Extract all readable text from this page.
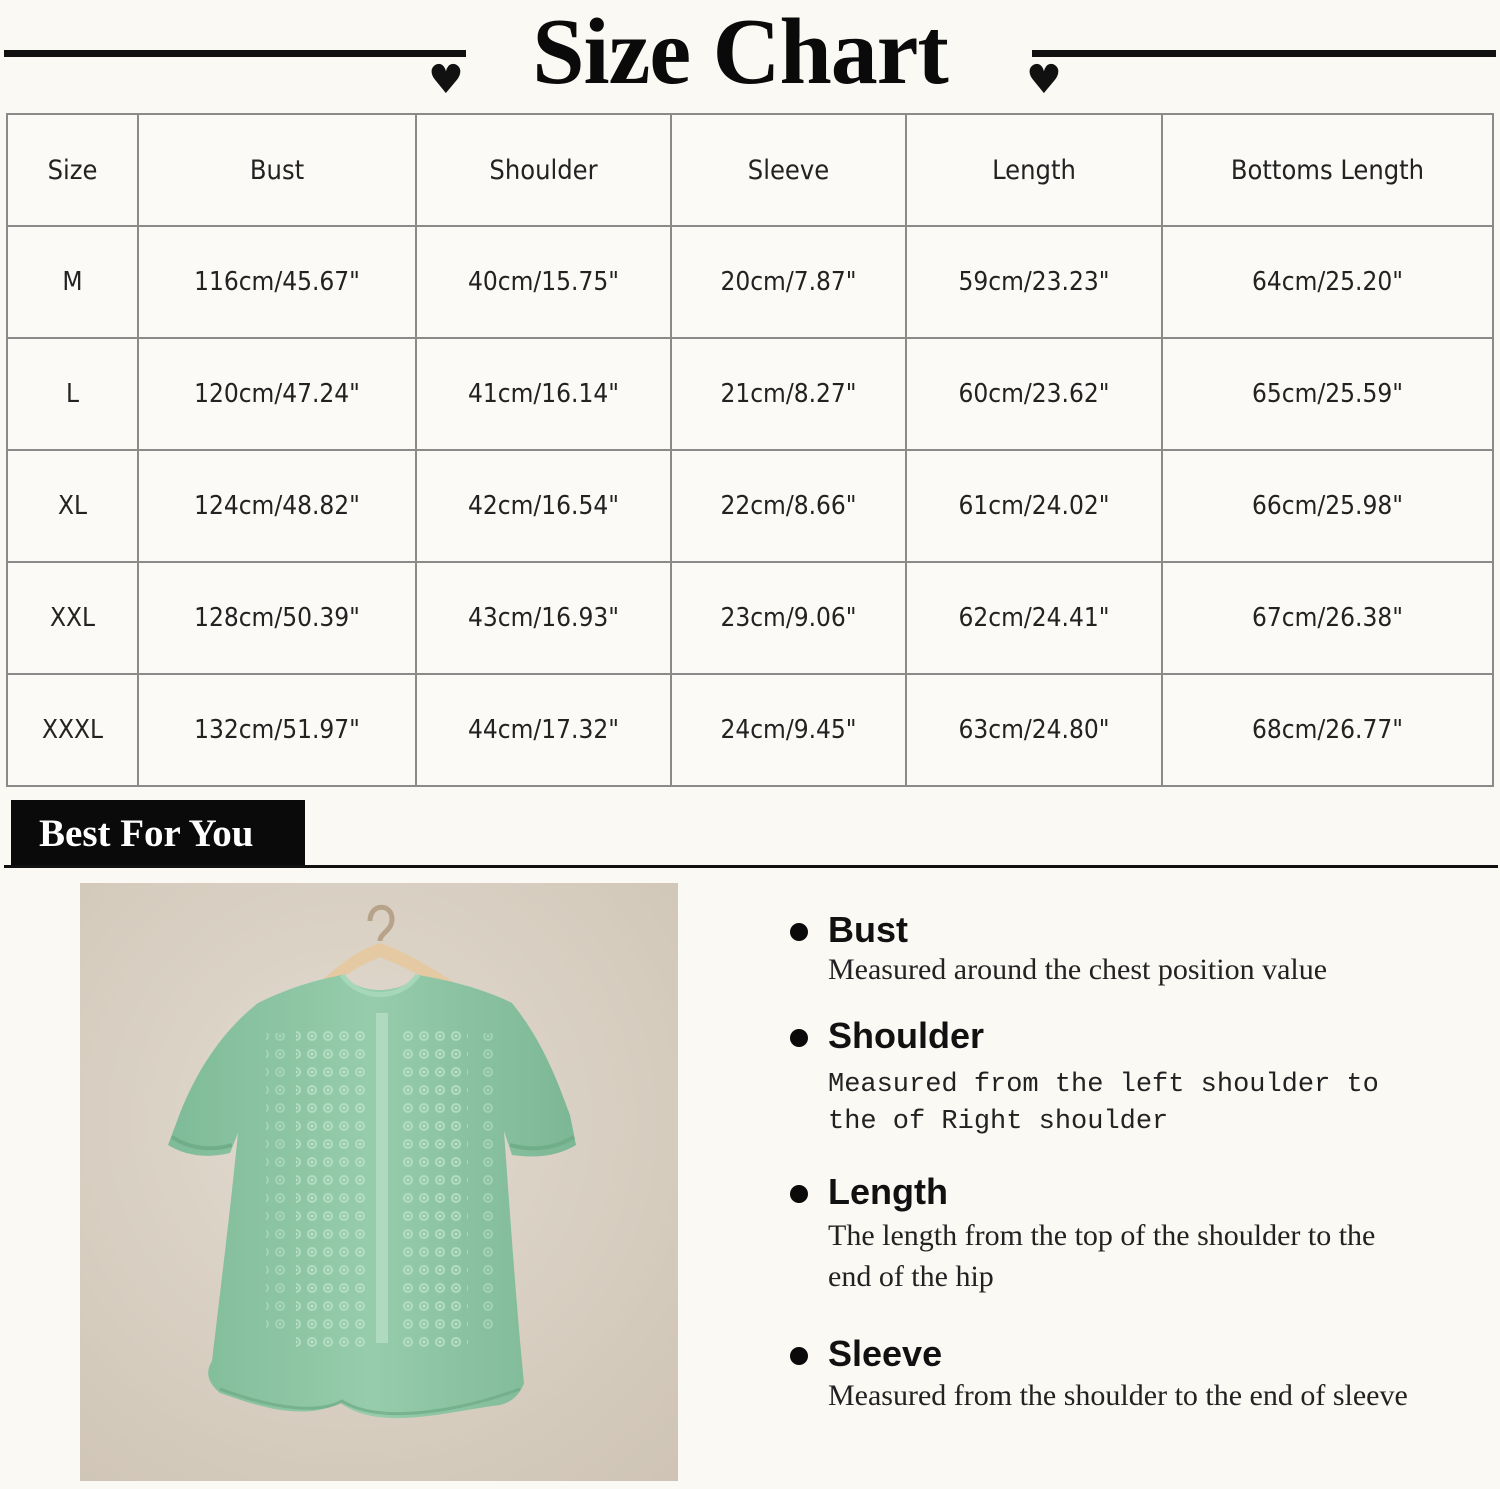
♥ Size Chart	♥
Size	Bust	Shoulder	Sleeve	Length	Bottoms Length
M	116cm/45.67"	40cm/15.75"	20cm/7.87"	59cm/23.23"	64cm/25.20"
L	120cm/47.24"	41cm/16.14"	21cm/8.27"	60cm/23.62"	65cm/25.59"
XL	124cm/48.82"	42cm/16.54"	22cm/8.66"	61cm/24.02"	66cm/25.98"
XXL	128cm/50.39"	43cm/16.93"	23cm/9.06"	62cm/24.41"	67cm/26.38"
XXXL	132cm/51.97"	44cm/17.32"	24cm/9.45"	63cm/24.80"	68cm/26.77"
Best For You
Bust
Measured around the chest position value
Shoulder
Measured from the left shoulder to the of Right shoulder
Length
The length from the top of the shoulder to the end of the hip
Sleeve
Measured from the shoulder to the end of sleeve
